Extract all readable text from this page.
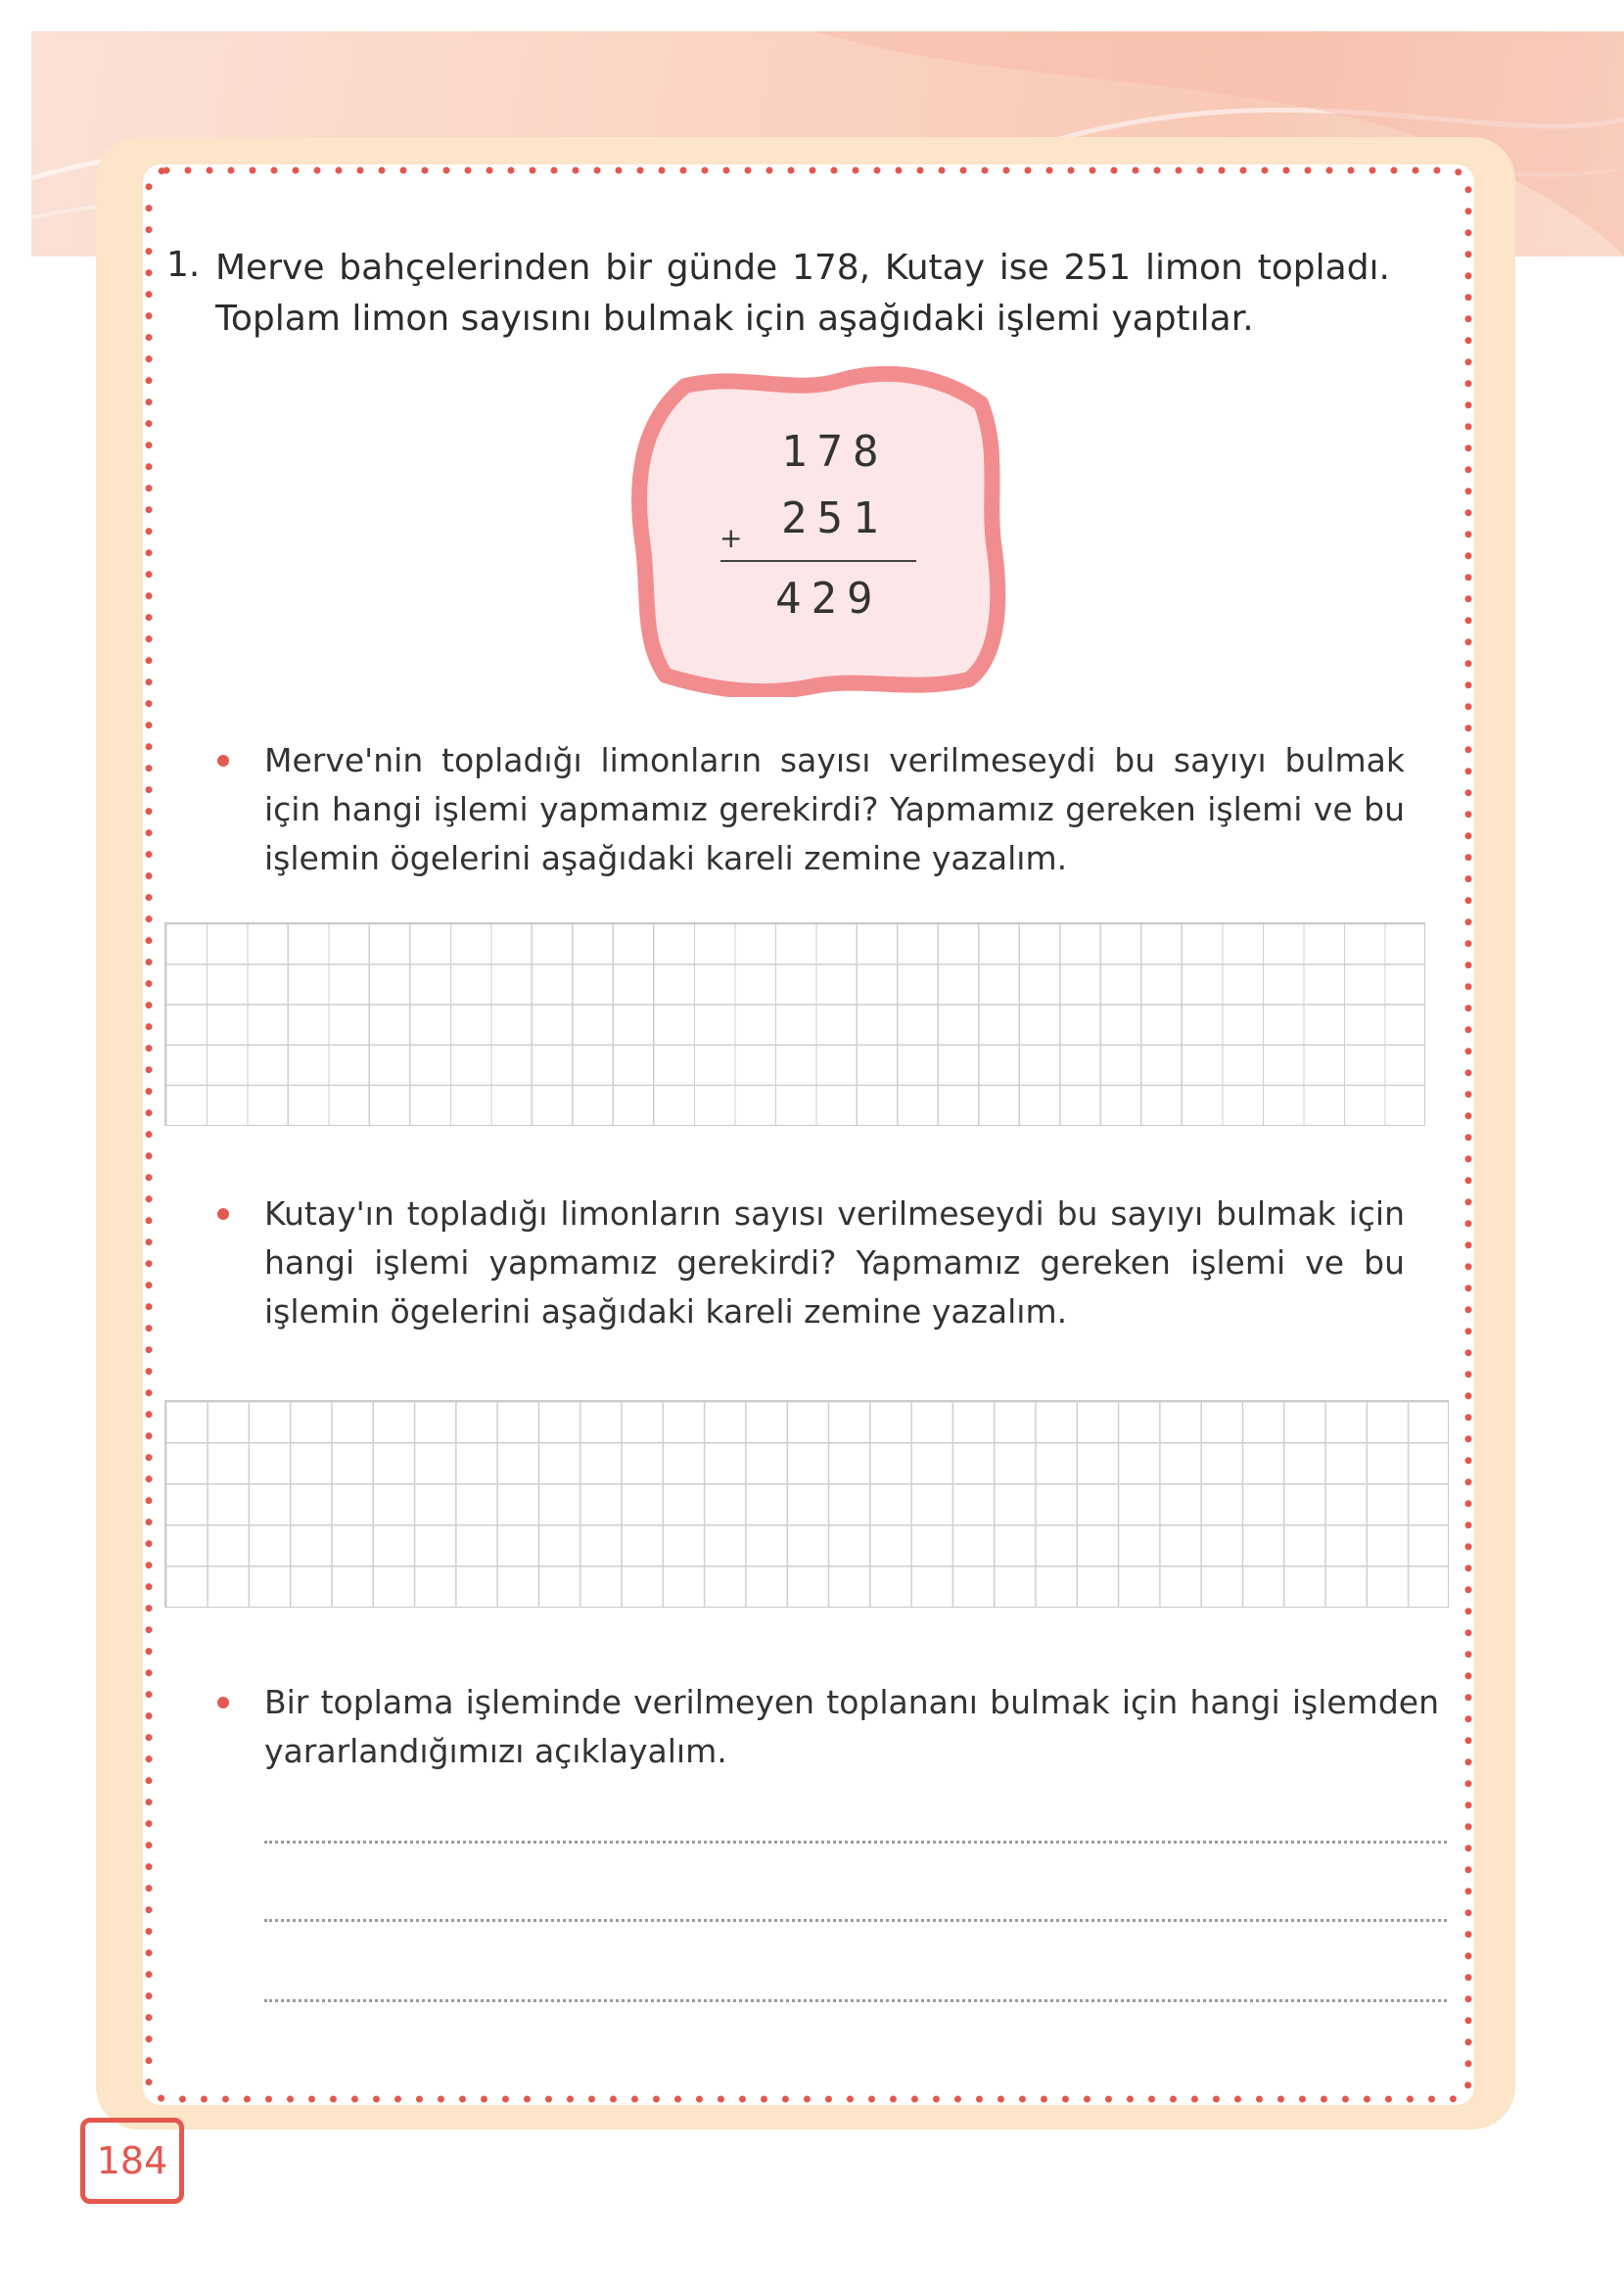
1. Merve bahçelerinden bir günde 178, Kutay ise 251 limon topladı. Toplam limon sayısını bulmak için aşağıdaki işlemi yaptılar.
178
+ 251
429
Merve'nin topladığı limonların sayısı verilmeseydi bu sayıyı bulmak için hangi işlemi yapmamız gerekirdi? Yapmamız gereken işlemi ve bu işlemin ögelerini aşağıdaki kareli zemine yazalım.
Kutay'ın topladığı limonların sayısı verilmeseydi bu sayıyı bulmak için hangi işlemi yapmamız gerekirdi? Yapmamız gereken işlemi ve bu işlemin ögelerini aşağıdaki kareli zemine yazalım.
Bir toplama işleminde verilmeyen toplananı bulmak için hangi işlemden yararlandığımızı açıklayalım.
184
